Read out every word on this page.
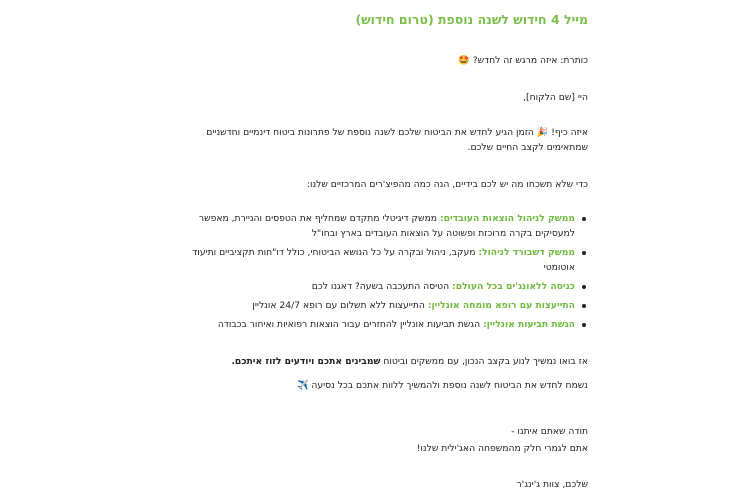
מייל 4 חידוש לשנה נוספת (טרום חידוש)
כותרת: איזה מרגש זה לחדש? 🤩
היי [שם הלקוח],
איזה כיף! 🎉 הזמן הגיע לחדש את הביטוח שלכם לשנה נוספת של פתרונות ביטוח דינמיים וחדשניים שמתאימים לקצב החיים שלכם.
כדי שלא תשכחו מה יש לכם בידיים, הנה כמה מהפיצ'רים המרכזיים שלנו:
ממשק לניהול הוצאות העובדים: ממשק דיגיטלי מתקדם שמחליף את הטפסים והניירת, מאפשר למעסיקים בקרה מרוכזת ופשוטה על הוצאות העובדים בארץ ובחו"ל
ממשק דשבורד לניהול: מעקב, ניהול ובקרה על כל הנושא הביטוחי, כולל דו"חות תקציביים ותיעוד אוטומטי
כניסה ללאונג'ים בכל העולם: הטיסה התעכבה בשעה? דאגנו לכם
התייעצות עם רופא מומחה אונליין: התייעצות ללא תשלום עם רופא 24/7 אונליין
הגשת תביעות אונליין: הגשת תביעות אונליין להחזרים עבור הוצאות רפואיות ואיחור בכבודה
אז בואו נמשיך לנוע בקצב הנכון, עם ממשקים וביטוח שמבינים אתכם ויודעים לזוז איתכם.
נשמח לחדש את הביטוח לשנה נוספת ולהמשיך ללוות אתכם בכל נסיעה ✈️
תודה שאתם איתנו -
אתם לגמרי חלק מהמשפחה האג'ילית שלנו!
שלכם, צוות ג'ינג'ר
